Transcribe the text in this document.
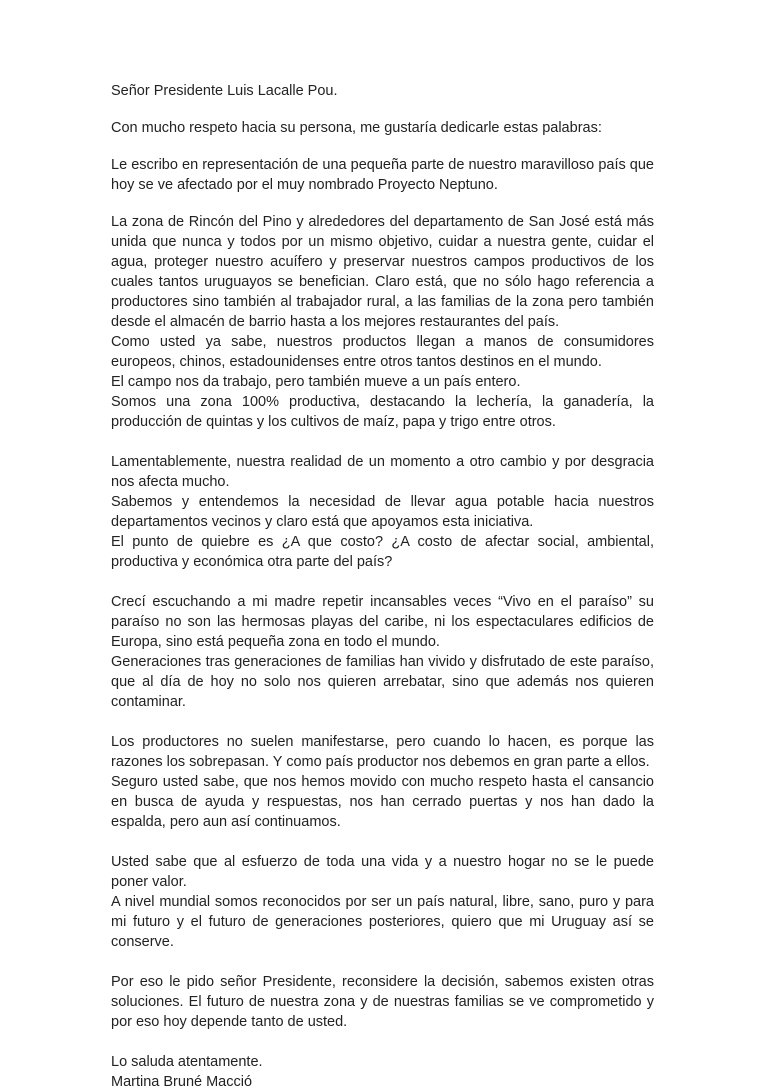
Señor Presidente Luis Lacalle Pou.

Con mucho respeto hacia su persona, me gustaría dedicarle estas palabras:

Le escribo en representación de una pequeña parte de nuestro maravilloso país que hoy se ve afectado por el muy nombrado Proyecto Neptuno.

La zona de Rincón del Pino y alrededores del departamento de San José está más unida que nunca y todos por un mismo objetivo, cuidar a nuestra gente, cuidar el agua, proteger nuestro acuífero y preservar nuestros campos productivos de los cuales tantos uruguayos se benefician. Claro está, que no sólo hago referencia a productores sino también al trabajador rural, a las familias de la zona pero también desde el almacén de barrio hasta a los mejores restaurantes del país.

Como usted ya sabe, nuestros productos llegan a manos de consumidores europeos, chinos, estadounidenses entre otros tantos destinos en el mundo.

El campo nos da trabajo, pero también mueve a un país entero.

Somos una zona 100% productiva, destacando la lechería, la ganadería, la producción de quintas y los cultivos de maíz, papa y trigo entre otros.

Lamentablemente, nuestra realidad de un momento a otro cambio y por desgracia nos afecta mucho.

Sabemos y entendemos la necesidad de llevar agua potable hacia nuestros departamentos vecinos y claro está que apoyamos esta iniciativa.

El punto de quiebre es ¿A que costo? ¿A costo de afectar social, ambiental, productiva y económica otra parte del país?

Crecí escuchando a mi madre repetir incansables veces “Vivo en el paraíso” su paraíso no son las hermosas playas del caribe, ni los espectaculares edificios de Europa, sino está pequeña zona en todo el mundo.

Generaciones tras generaciones de familias han vivido y disfrutado de este paraíso, que al día de hoy no solo nos quieren arrebatar, sino que además nos quieren contaminar.

Los productores no suelen manifestarse, pero cuando lo hacen, es porque las razones los sobrepasan. Y como país productor nos debemos en gran parte a ellos.

Seguro usted sabe, que nos hemos movido con mucho respeto hasta el cansancio en busca de ayuda y respuestas, nos han cerrado puertas y nos han dado la espalda, pero aun así continuamos.

Usted sabe que al esfuerzo de toda una vida y a nuestro hogar no se le puede poner valor.

A nivel mundial somos reconocidos por ser un país natural, libre, sano, puro y para mi futuro y el futuro de generaciones posteriores, quiero que mi Uruguay así se conserve.

Por eso le pido señor Presidente, reconsidere la decisión, sabemos existen otras soluciones. El futuro de nuestra zona y de nuestras familias se ve comprometido y por eso hoy depende tanto de usted.

Lo saluda atentamente.

Martina Bruné Macció
